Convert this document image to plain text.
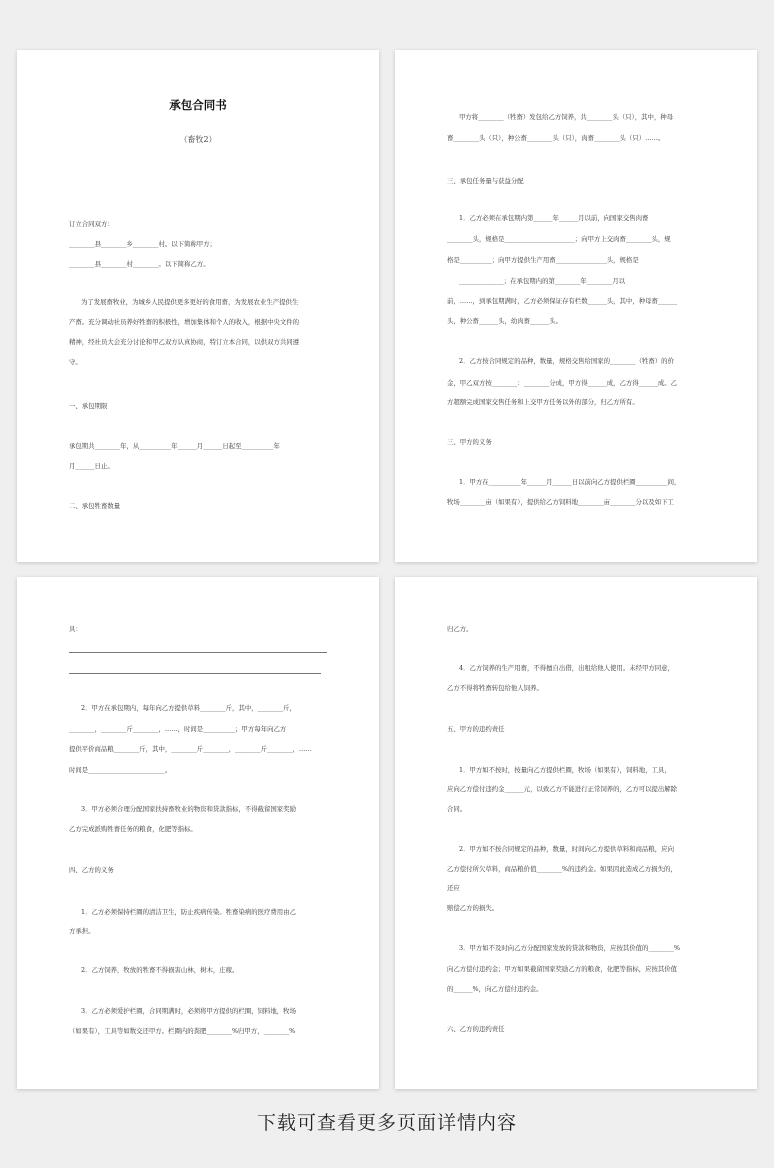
承包合同书
（畜牧2）
订立合同双方：
________县________乡________村。以下简称甲方；
________县________村________。以下简称乙方。
为了发展畜牧业，为城乡人民提供更多更好的食用畜，为发展农业生产提供生
产畜。充分调动社员养好牲畜的积极性，增加集体和个人的收入，根据中央文件的
精神，经社员大会充分讨论和甲乙双方认真协商，特订立本合同，以供双方共同遵
守。
一、承包期限
承包期共________年，从__________年______月______日起至__________年
月______日止。
二、承包牲畜数量
甲方将________（牲畜）发包给乙方饲养，共________头（只），其中，种母
畜________头（只），种公畜________头（只），肉畜________头（只）……。
三、承包任务量与获益分配
1．乙方必须在承包期内第______年______月以前，向国家交售肉畜
________头，规格是______________________；向甲方上交肉畜________头，规
格是__________；向甲方提供生产用畜________________头，规格是
______________；在承包期内的第________年________月以
前，……，到承包期满时，乙方必须保证存有栏数______头，其中，种母畜______
头，种公畜______头，幼肉畜______头。
2．乙方按合同规定的品种，数量，规格交售给国家的________（牲畜）的价
金，甲乙双方按________：________分成，甲方得______成，乙方得______成。乙
方超额完成国家交售任务和上交甲方任务以外的部分，归乙方所有。
三、甲方的义务
1．甲方在__________年______月______日以前向乙方提供栏圈__________间，
牧场________亩（如果有），提供给乙方饲料地________亩________分以及如下工
具：
2．甲方在承包期内，每年向乙方提供草料________斤，其中，________斤，
________，________斤________，……，时间是__________；甲方每年向乙方
提供平价商品粮________斤，其中，________斤________，________斤________，……
时间是________________________。
3．甲方必须合理分配国家扶持畜牧业的物资和贷款指标，不得截留国家奖励
乙方完成派购牲畜任务的粮食，化肥等指标。
四、乙方的义务
1．乙方必须保持栏圈的清洁卫生，防止疾病传染。牲畜染病的医疗费用由乙
方承担。
2．乙方饲养，牧放的牲畜不得损害山林，树木，庄稼。
3．乙方必须爱护栏圈，合同期满时，必须将甲方提供的栏圈，饲料地，牧场
（如果有），工具等如数交还甲方。栏圈内的粪肥________%归甲方，________%
归乙方。
4．乙方饲养的生产用畜，不得擅自出借，出租给他人使用。未经甲方同意，
乙方不得将牲畜转包给他人饲养。
五、甲方的违约责任
1．甲方如不按时，按量向乙方提供栏圈，牧场（如果有），饲料地，工具，
应向乙方偿付违约金______元，以致乙方不能进行正常饲养的，乙方可以提出解除
合同。
2．甲方如不按合同规定的品种，数量，时间向乙方提供草料和商品粮，应向
乙方偿付所欠草料，商品粮价值________%的违约金。如果因此造成乙方损失的，
还应
赔偿乙方的损失。
3．甲方如不及时向乙方分配国家发放的贷款和物资，应按其价值的________%
向乙方偿付违约金；甲方如果截留国家奖励乙方的粮食，化肥等指标，应按其价值
的______%，向乙方偿付违约金。
六、乙方的违约责任
下载可查看更多页面详情内容
